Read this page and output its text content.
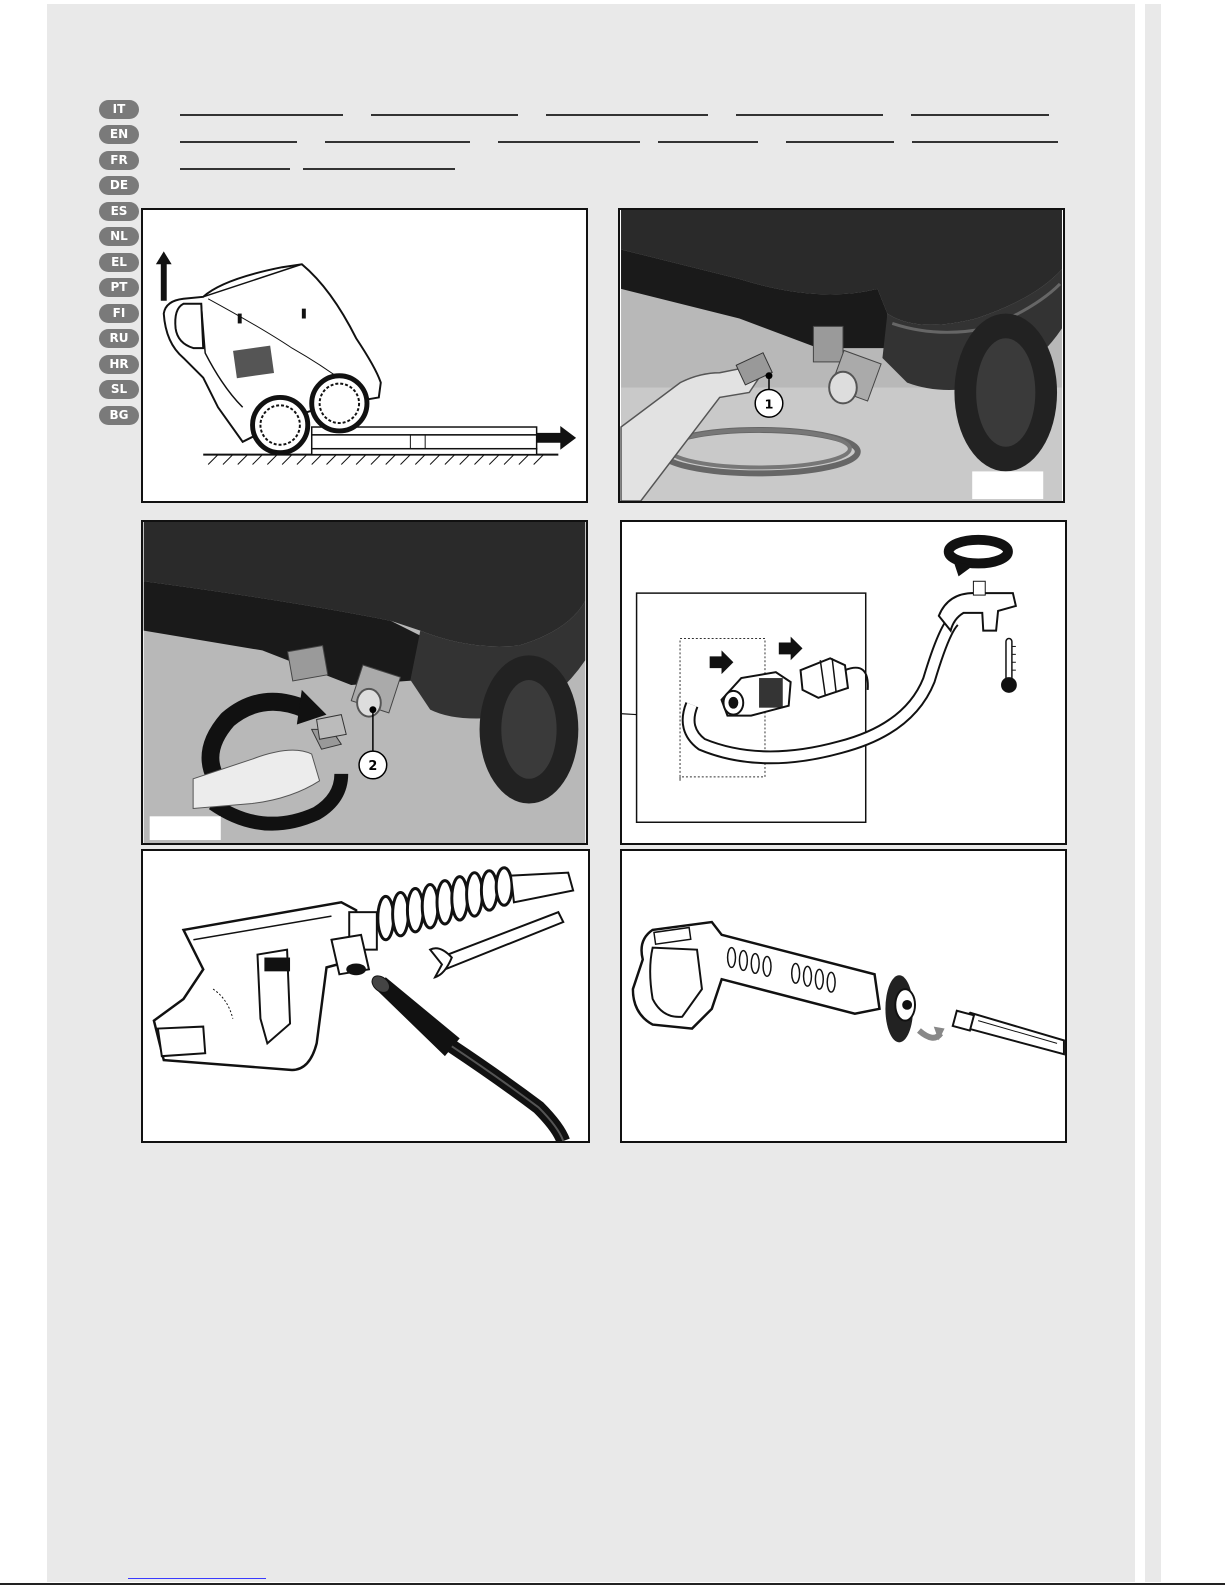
IT
EN
FR
DE
ES
NL
EL
PT
FI
RU
HR
SL
BG
1
2
